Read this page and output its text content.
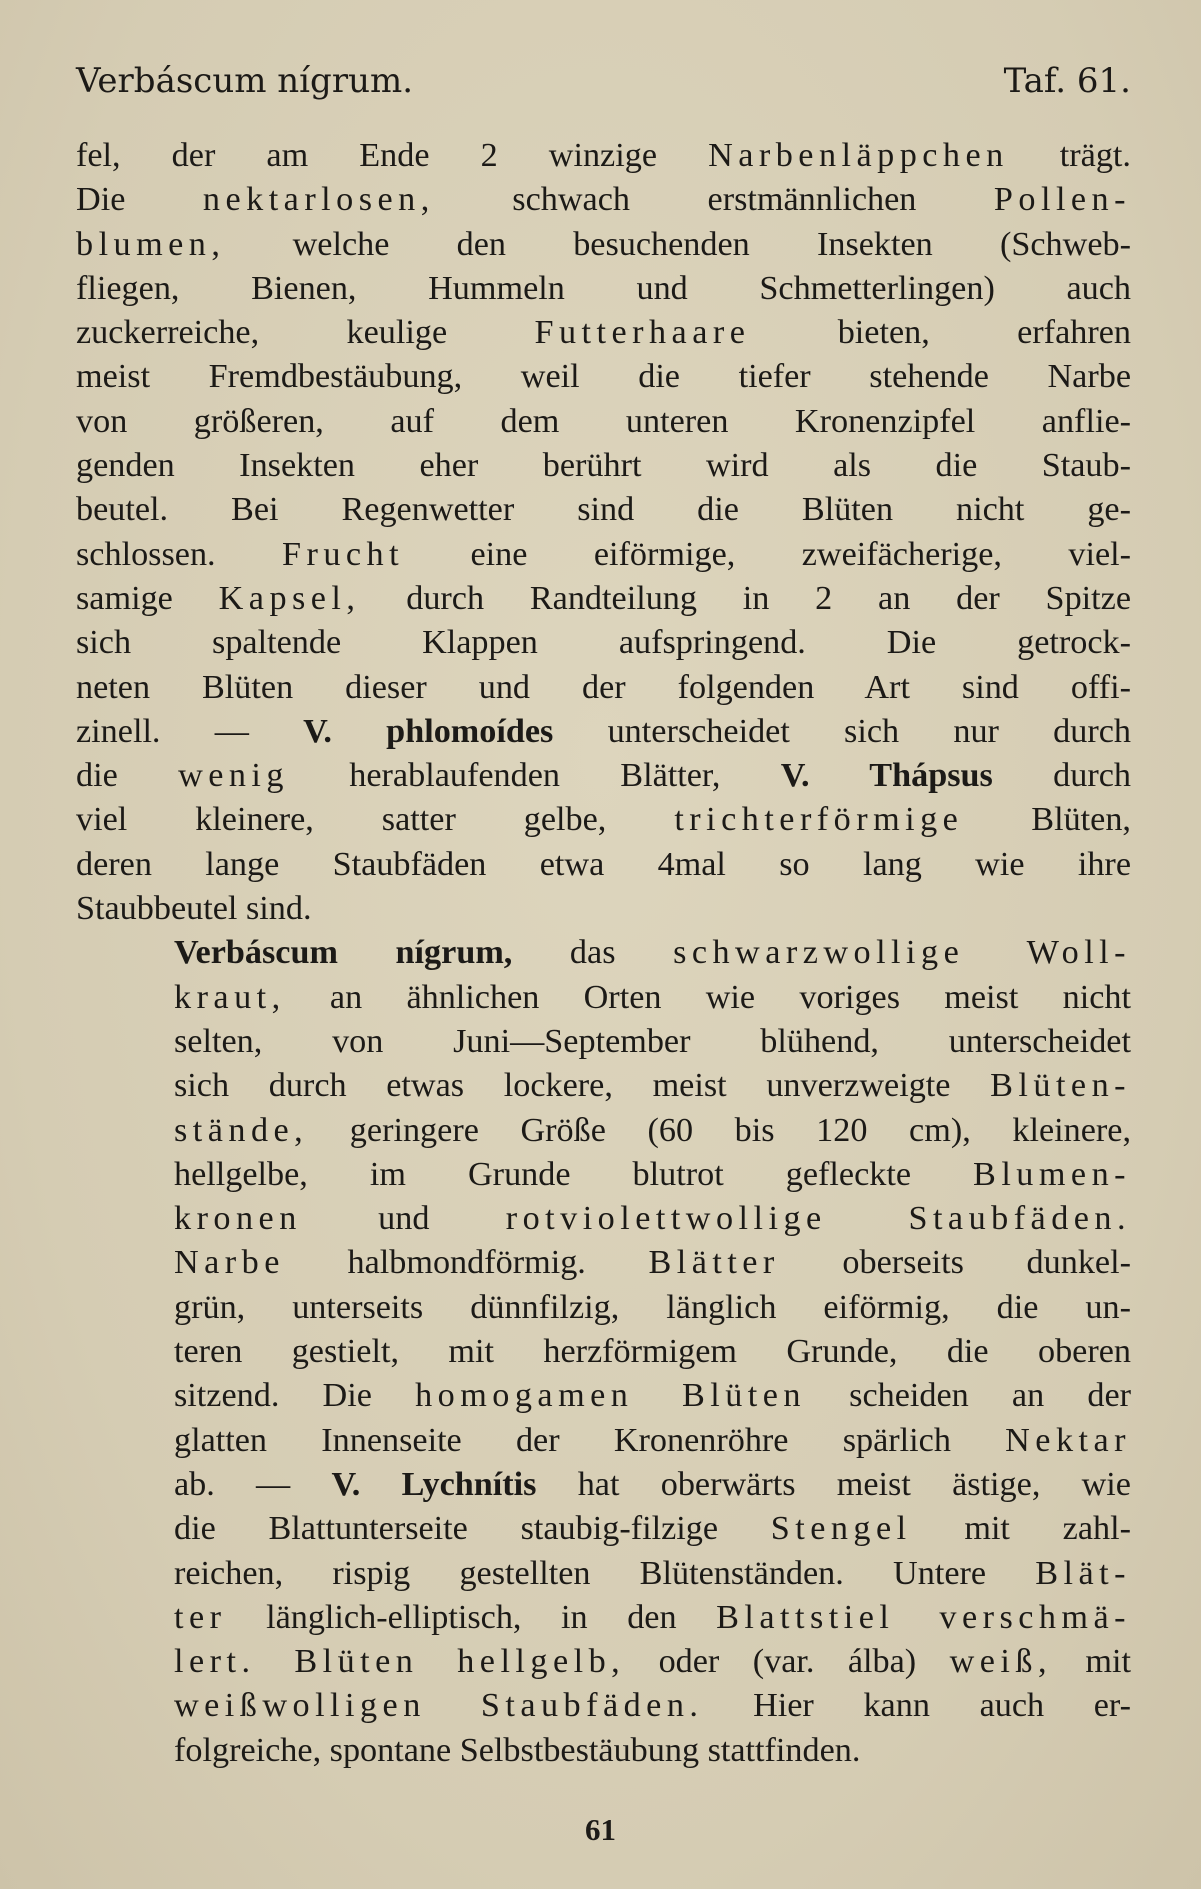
Verbáscum nígrum.	Taf. 61.

fel, der am Ende 2 winzige Narbenläppchen trägt.
Die nektarlosen, schwach erstmännlichen Pollen-
blumen, welche den besuchenden Insekten (Schweb-
fliegen, Bienen, Hummeln und Schmetterlingen) auch
zuckerreiche, keulige Futterhaare bieten, erfahren
meist Fremdbestäubung, weil die tiefer stehende Narbe
von größeren, auf dem unteren Kronenzipfel anflie-
genden Insekten eher berührt wird als die Staub-
beutel. Bei Regenwetter sind die Blüten nicht ge-
schlossen. Frucht eine eiförmige, zweifächerige, viel-
samige Kapsel, durch Randteilung in 2 an der Spitze
sich spaltende Klappen aufspringend. Die getrock-
neten Blüten dieser und der folgenden Art sind offi-
zinell. — V. phlomoídes unterscheidet sich nur durch
die wenig herablaufenden Blätter, V. Thápsus durch
viel kleinere, satter gelbe, trichterförmige Blüten,
deren lange Staubfäden etwa 4mal so lang wie ihre
Staubbeutel sind.

Verbáscum nígrum, das schwarzwollige Woll-
kraut, an ähnlichen Orten wie voriges meist nicht
selten, von Juni—September blühend, unterscheidet
sich durch etwas lockere, meist unverzweigte Blüten-
stände, geringere Größe (60 bis 120 cm), kleinere,
hellgelbe, im Grunde blutrot gefleckte Blumen-
kronen und rotviolettwollige Staubfäden.
Narbe halbmondförmig. Blätter oberseits dunkel-
grün, unterseits dünnfilzig, länglich eiförmig, die un-
teren gestielt, mit herzförmigem Grunde, die oberen
sitzend. Die homogamen Blüten scheiden an der
glatten Innenseite der Kronenröhre spärlich Nektar
ab. — V. Lychnítis hat oberwärts meist ästige, wie
die Blattunterseite staubig-filzige Stengel mit zahl-
reichen, rispig gestellten Blütenständen. Untere Blät-
ter länglich-elliptisch, in den Blattstiel verschmä-
lert. Blüten hellgelb, oder (var. álba) weiß, mit
weißwolligen Staubfäden. Hier kann auch er-
folgreiche, spontane Selbstbestäubung stattfinden.

61
